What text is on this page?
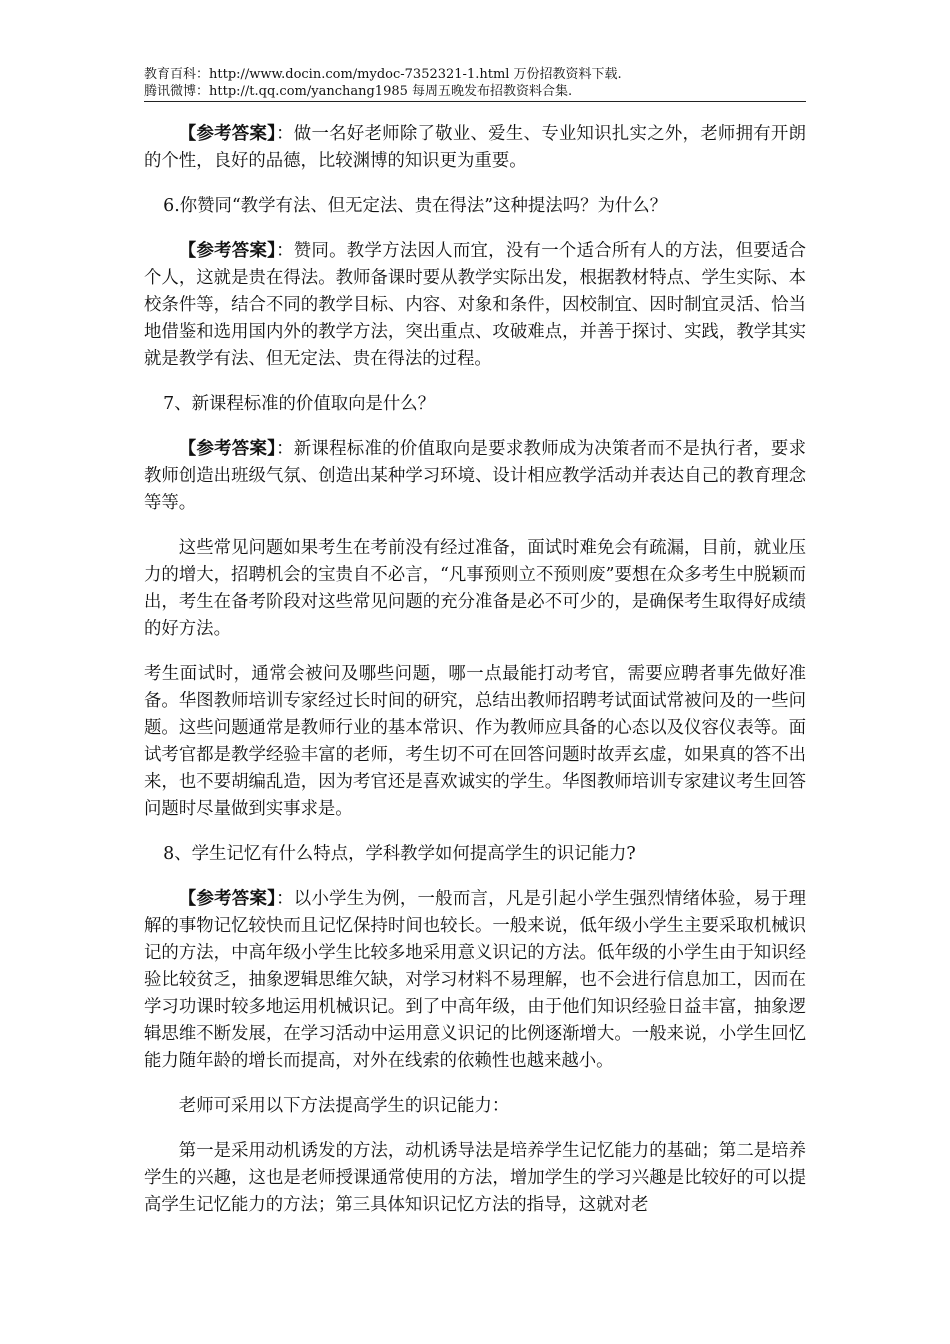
教育百科：http://www.docin.com/mydoc-7352321-1.html 万份招教资料下载.
腾讯微博：http://t.qq.com/yanchang1985 每周五晚发布招教资料合集.

【参考答案】：做一名好老师除了敬业、爱生、专业知识扎实之外，老师拥有开朗的个性，良好的品德，比较渊博的知识更为重要。

6.你赞同“教学有法、但无定法、贵在得法”这种提法吗？为什么？

【参考答案】：赞同。教学方法因人而宜，没有一个适合所有人的方法，但要适合个人，这就是贵在得法。教师备课时要从教学实际出发，根据教材特点、学生实际、本校条件等，结合不同的教学目标、内容、对象和条件，因校制宜、因时制宜灵活、恰当地借鉴和选用国内外的教学方法，突出重点、攻破难点，并善于探讨、实践，教学其实就是教学有法、但无定法、贵在得法的过程。

7、新课程标准的价值取向是什么？

【参考答案】：新课程标准的价值取向是要求教师成为决策者而不是执行者，要求教师创造出班级气氛、创造出某种学习环境、设计相应教学活动并表达自己的教育理念等等。

这些常见问题如果考生在考前没有经过准备，面试时难免会有疏漏，目前，就业压力的增大，招聘机会的宝贵自不必言，“凡事预则立不预则废”要想在众多考生中脱颖而出，考生在备考阶段对这些常见问题的充分准备是必不可少的，是确保考生取得好成绩的好方法。

考生面试时，通常会被问及哪些问题，哪一点最能打动考官，需要应聘者事先做好准备。华图教师培训专家经过长时间的研究，总结出教师招聘考试面试常被问及的一些问题。这些问题通常是教师行业的基本常识、作为教师应具备的心态以及仪容仪表等。面试考官都是教学经验丰富的老师，考生切不可在回答问题时故弄玄虚，如果真的答不出来，也不要胡编乱造，因为考官还是喜欢诚实的学生。华图教师培训专家建议考生回答问题时尽量做到实事求是。

8、学生记忆有什么特点，学科教学如何提高学生的识记能力?

【参考答案】：以小学生为例，一般而言，凡是引起小学生强烈情绪体验，易于理解的事物记忆较快而且记忆保持时间也较长。一般来说，低年级小学生主要采取机械识记的方法，中高年级小学生比较多地采用意义识记的方法。低年级的小学生由于知识经验比较贫乏，抽象逻辑思维欠缺，对学习材料不易理解，也不会进行信息加工，因而在学习功课时较多地运用机械识记。到了中高年级，由于他们知识经验日益丰富，抽象逻辑思维不断发展，在学习活动中运用意义识记的比例逐渐增大。一般来说，小学生回忆能力随年龄的增长而提高，对外在线索的依赖性也越来越小。

老师可采用以下方法提高学生的识记能力：

第一是采用动机诱发的方法，动机诱导法是培养学生记忆能力的基础；第二是培养学生的兴趣，这也是老师授课通常使用的方法，增加学生的学习兴趣是比较好的可以提高学生记忆能力的方法；第三具体知识记忆方法的指导，这就对老
